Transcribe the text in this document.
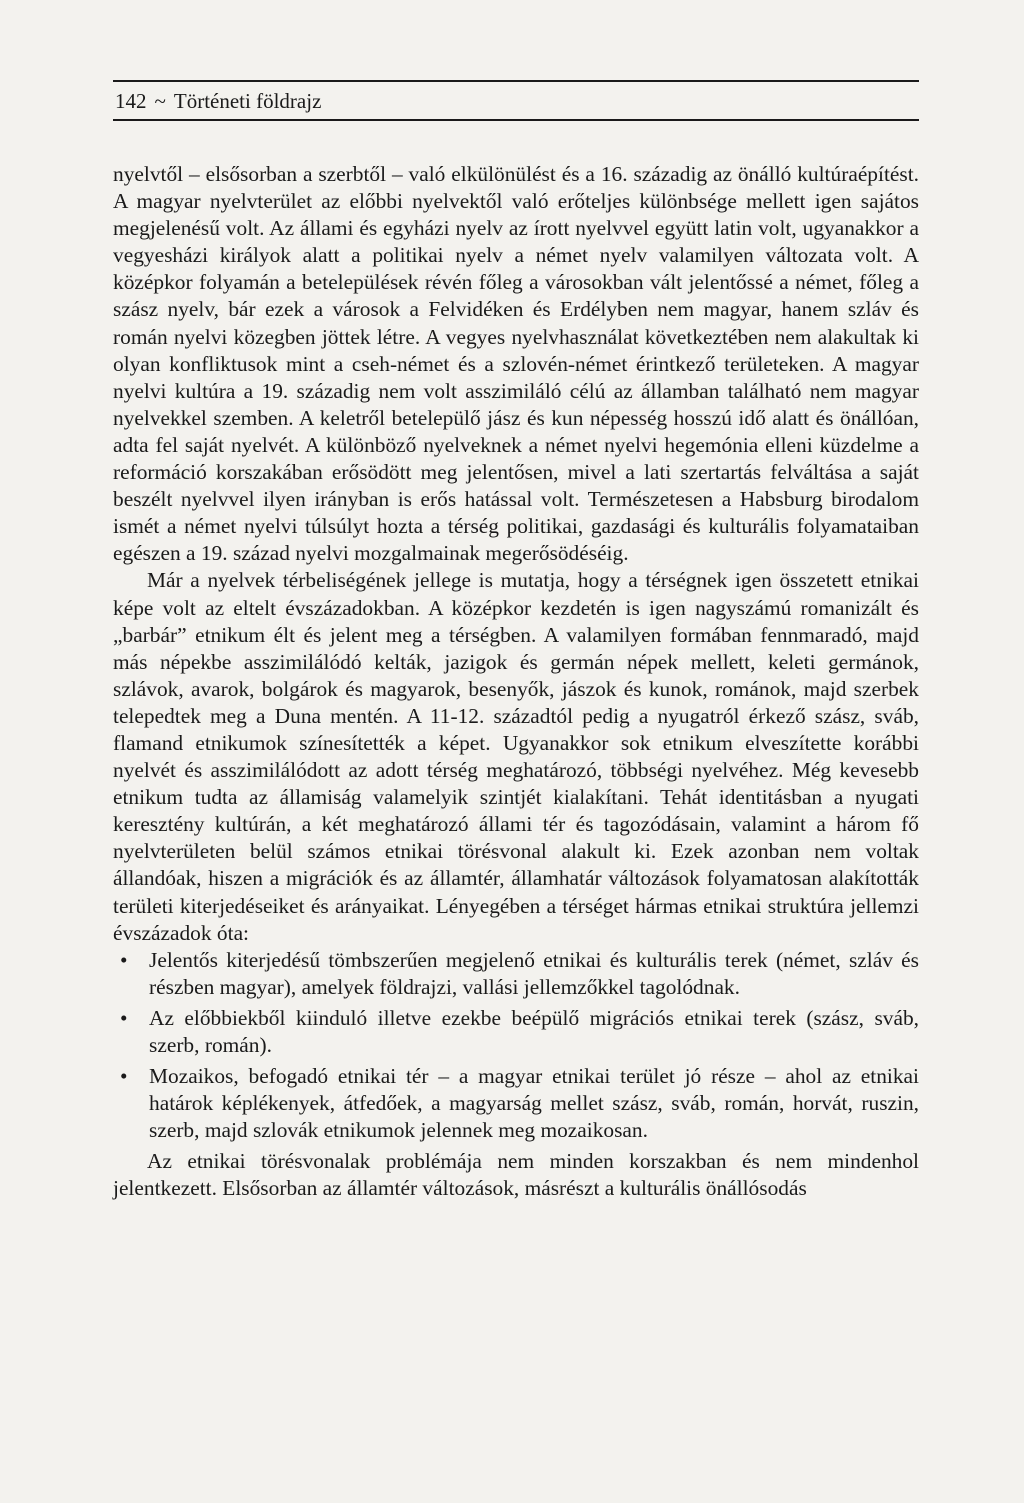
142 ~ Történeti földrajz

nyelvtől – elsősorban a szerbtől – való elkülönülést és a 16. századig az önálló kultúraépítést. A magyar nyelvterület az előbbi nyelvektől való erőteljes különbsége mellett igen sajátos megjelenésű volt. Az állami és egyházi nyelv az írott nyelvvel együtt latin volt, ugyanakkor a vegyesházi királyok alatt a politikai nyelv a német nyelv valamilyen változata volt. A középkor folyamán a betelepülések révén főleg a városokban vált jelentőssé a német, főleg a szász nyelv, bár ezek a városok a Felvidéken és Erdélyben nem magyar, hanem szláv és román nyelvi közegben jöttek létre. A vegyes nyelvhasználat következtében nem alakultak ki olyan konfliktusok mint a cseh-német és a szlovén-német érintkező területeken. A magyar nyelvi kultúra a 19. századig nem volt asszimiláló célú az államban található nem magyar nyelvekkel szemben. A keletről betelepülő jász és kun népesség hosszú idő alatt és önállóan, adta fel saját nyelvét. A különböző nyelveknek a német nyelvi hegemónia elleni küzdelme a reformáció korszakában erősödött meg jelentősen, mivel a lati szertartás felváltása a saját beszélt nyelvvel ilyen irányban is erős hatással volt. Természetesen a Habsburg birodalom ismét a német nyelvi túlsúlyt hozta a térség politikai, gazdasági és kulturális folyamataiban egészen a 19. század nyelvi mozgalmainak megerősödéséig.

Már a nyelvek térbeliségének jellege is mutatja, hogy a térségnek igen összetett etnikai képe volt az eltelt évszázadokban. A középkor kezdetén is igen nagyszámú romanizált és „barbár” etnikum élt és jelent meg a térségben. A valamilyen formában fennmaradó, majd más népekbe asszimilálódó kelták, jazigok és germán népek mellett, keleti germánok, szlávok, avarok, bolgárok és magyarok, besenyők, jászok és kunok, románok, majd szerbek telepedtek meg a Duna mentén. A 11-12. századtól pedig a nyugatról érkező szász, sváb, flamand etnikumok színesítették a képet. Ugyanakkor sok etnikum elveszítette korábbi nyelvét és asszimilálódott az adott térség meghatározó, többségi nyelvéhez. Még kevesebb etnikum tudta az államiság valamelyik szintjét kialakítani. Tehát identitásban a nyugati keresztény kultúrán, a két meghatározó állami tér és tagozódásain, valamint a három fő nyelvterületen belül számos etnikai törésvonal alakult ki. Ezek azonban nem voltak állandóak, hiszen a migrációk és az államtér, államhatár változások folyamatosan alakították területi kiterjedéseiket és arányaikat. Lényegében a térséget hármas etnikai struktúra jellemzi évszázadok óta:

• Jelentős kiterjedésű tömbszerűen megjelenő etnikai és kulturális terek (német, szláv és részben magyar), amelyek földrajzi, vallási jellemzőkkel tagolódnak.
• Az előbbiekből kiinduló illetve ezekbe beépülő migrációs etnikai terek (szász, sváb, szerb, román).
• Mozaikos, befogadó etnikai tér – a magyar etnikai terület jó része – ahol az etnikai határok képlékenyek, átfedőek, a magyarság mellet szász, sváb, román, horvát, ruszin, szerb, majd szlovák etnikumok jelennek meg mozaikosan.

Az etnikai törésvonalak problémája nem minden korszakban és nem mindenhol jelentkezett. Elsősorban az államtér változások, másrészt a kulturális önállósodás
